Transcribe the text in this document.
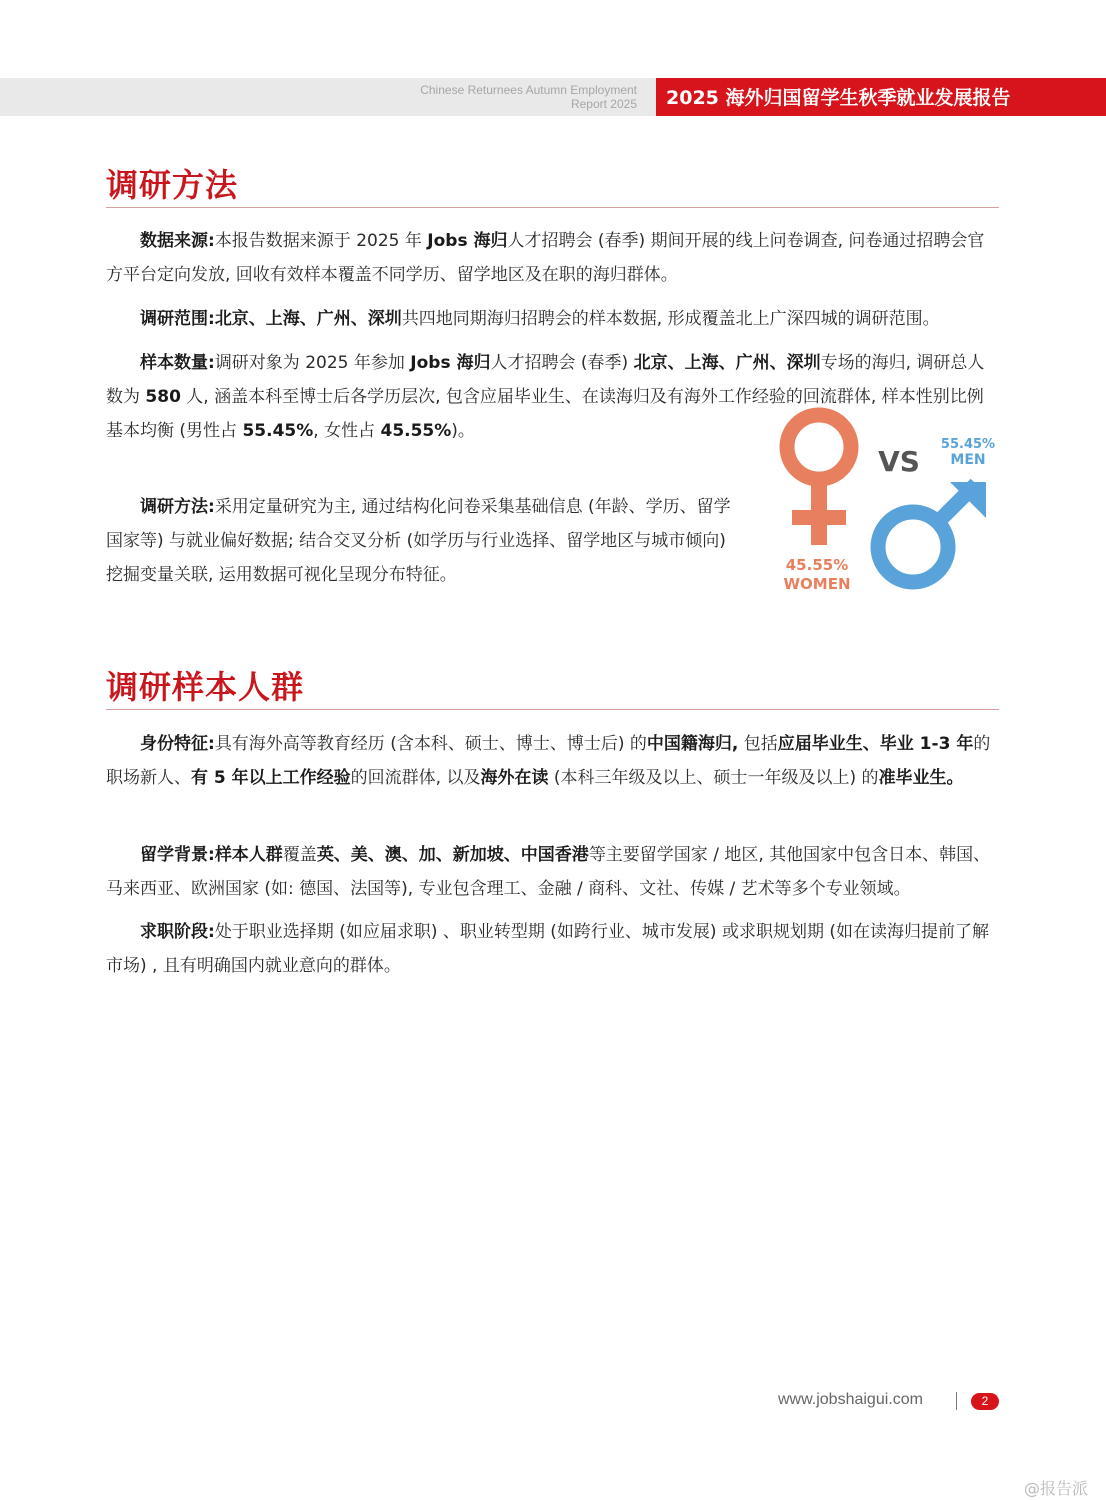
Chinese Returnees Autumn Employment
Report 2025	2025 海外归国留学生秋季就业发展报告
调研方法

数据来源:本报告数据来源于 2025 年 Jobs 海归人才招聘会 (春季) 期间开展的线上问卷调查, 问卷通过招聘会官方平台定向发放, 回收有效样本覆盖不同学历、留学地区及在职的海归群体。

调研范围:北京、上海、广州、深圳共四地同期海归招聘会的样本数据, 形成覆盖北上广深四城的调研范围。

样本数量:调研对象为 2025 年参加 Jobs 海归人才招聘会 (春季) 北京、上海、广州、深圳专场的海归, 调研总人数为 580 人, 涵盖本科至博士后各学历层次, 包含应届毕业生、在读海归及有海外工作经验的回流群体, 样本性别比例基本均衡 (男性占 55.45%, 女性占 45.55%)。

调研方法:采用定量研究为主, 通过结构化问卷采集基础信息 (年龄、学历、留学国家等) 与就业偏好数据; 结合交叉分析 (如学历与行业选择、留学地区与城市倾向) 挖掘变量关联, 运用数据可视化呈现分布特征。	45.55%
WOMEN
VS
55.45%
MEN
调研样本人群

身份特征:具有海外高等教育经历 (含本科、硕士、博士、博士后) 的中国籍海归, 包括应届毕业生、毕业 1-3 年的职场新人、有 5 年以上工作经验的回流群体, 以及海外在读 (本科三年级及以上、硕士一年级及以上) 的准毕业生。

留学背景:样本人群覆盖英、美、澳、加、新加坡、中国香港等主要留学国家 / 地区, 其他国家中包含日本、韩国、马来西亚、欧洲国家 (如: 德国、法国等), 专业包含理工、金融 / 商科、文社、传媒 / 艺术等多个专业领域。

求职阶段:处于职业选择期 (如应届求职) 、职业转型期 (如跨行业、城市发展) 或求职规划期 (如在读海归提前了解市场) , 且有明确国内就业意向的群体。

www.jobshaigui.com	2
@报告派
